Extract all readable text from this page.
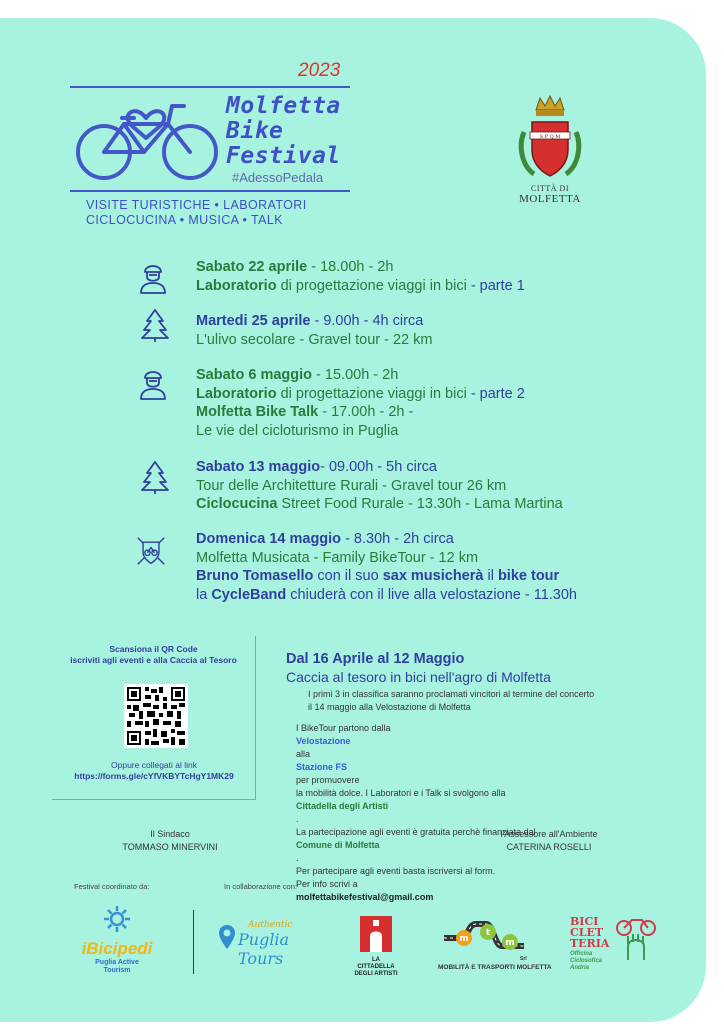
2023
Molfetta
Bike
Festival
#AdessoPedala
VISITE TURISTICHE • LABORATORI
CICLOCUCINA • MUSICA • TALK
S P Q M
CITTÀ DI
MOLFETTA
Sabato 22 aprile - 18.00h - 2h
Laboratorio di progettazione viaggi in bici - parte 1
Martedi 25 aprile - 9.00h - 4h circa
L'ulivo secolare - Gravel tour - 22 km
Sabato 6 maggio - 15.00h - 2h
Laboratorio di progettazione viaggi in bici - parte 2
Molfetta Bike Talk - 17.00h - 2h -
Le vie del cicloturismo in Puglia
Sabato 13 maggio- 09.00h - 5h circa
Tour delle Architetture Rurali - Gravel tour 26 km
Ciclocucina Street Food Rurale - 13.30h - Lama Martina
Domenica 14 maggio - 8.30h - 2h circa
Molfetta Musicata - Family BikeTour - 12 km
Bruno Tomasello con il suo sax musicherà il bike tour
la CycleBand chiuderà con il live alla velostazione - 11.30h
Scansiona il QR Code
iscriviti agli eventi e alla Caccia al Tesoro
Oppure collegati al link
https://forms.gle/cYfVKBYTcHgY1MK29
Dal 16 Aprile al 12 Maggio
Caccia al tesoro in bici nell'agro di Molfetta
I primi 3 in classifica saranno proclamati vincitori al termine del concerto
il 14 maggio alla Velostazione di Molfetta
I BikeTour partono dalla
Velostazione
alla
Stazione FS
per promuovere
la mobilità dolce. I Laboratori e i Talk si svolgono alla
Cittadella degli Artisti
.
La partecipazione agli eventi è gratuita perchè finanziata dal
Comune di Molfetta
.
Per partecipare agli eventi basta iscriversi al form.
Per info scrivi a
molfettabikefestival@gmail.com
Il Sindaco
TOMMASO MINERVINI
l'Assessore all'Ambiente
CATERINA ROSELLI
Festival coordinato da:	In collaborazione con:
iBicipedi
Puglia Active
Tourism
Authentic
Puglia Tours	LA CITTADELLA
DEGLI ARTISTI
m
t
m
Srl
MOBILITÀ E TRASPORTI MOLFETTA
BICI
CLET
TERIA
Officina
Ciclosofica
Andria
